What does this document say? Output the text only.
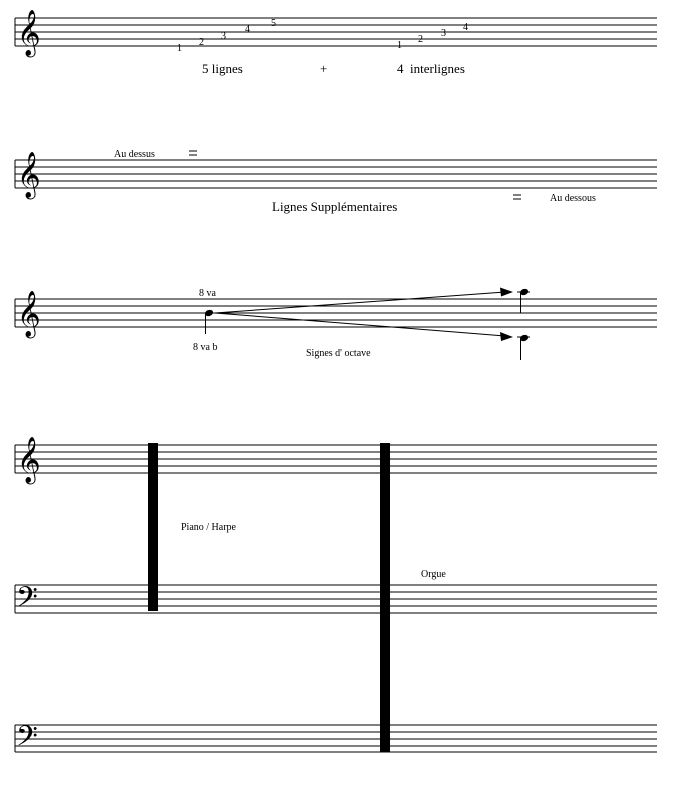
𝄞	1
2
3
4
5
1
2
3
4
5 lignes	+	4  interlignes
𝄞	Au dessus
Au dessous
Lignes Supplémentaires
𝄞	8 va
8 va b
Signes d' octave
𝄞
𝄢
𝄢
Piano / Harpe
Orgue
